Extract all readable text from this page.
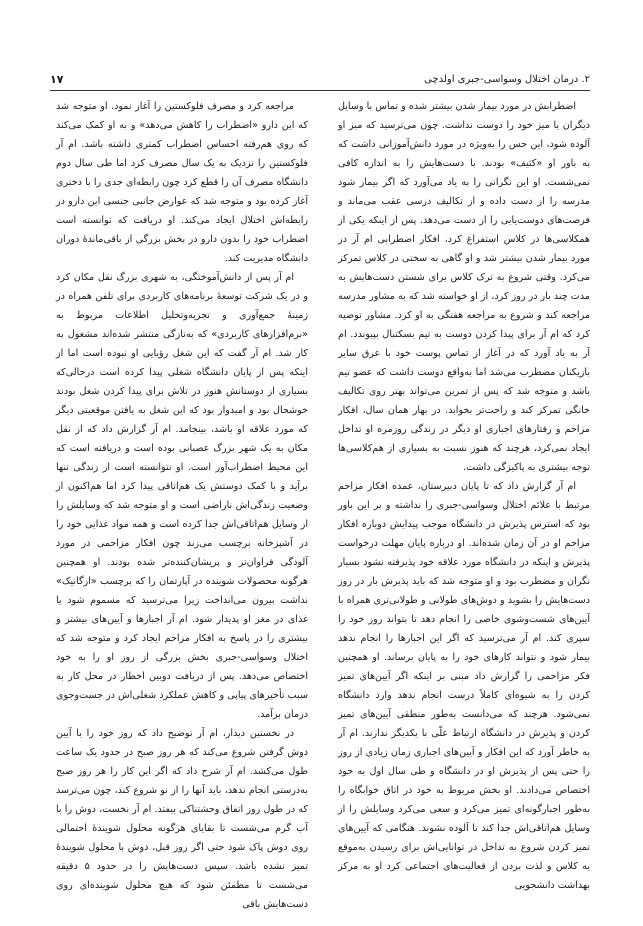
۲. درمان اختلال وسواسی-جبری اولدچی
۱۷

اضطرابش در مورد بیمار شدن بیشتر شده و تماس با وسایل دیگران یا میز خود را دوست نداشت. چون می‌ترسید که میز او آلوده شود، این حس را به‌ویژه در مورد دانش‌آموزانی داشت که به باور او «کثیف» بودند. با دست‌هایش را به اندازه کافی نمی‌شست. او این نگرانی را به یاد می‌آورد که اگر بیمار شود مدرسه را از دست داده و از تکالیف درسی عقب می‌ماند و فرصت‌های دوست‌یابی را از دست می‌دهد. پس از اینکه یکی از همکلاسی‌ها در کلاس استفراغ کرد، افکار اضطرابی ام آر در مورد بیمار شدن بیشتر شد و او گاهی به سختی در کلاس تمرکز می‌کرد. وقتی شروع به ترک کلاس برای شستن دست‌هایش به مدت چند بار در روز کرد، از او خواسته شد که به مشاور مدرسه مراجعه کند و شروع به مراجعه هفتگی به او کرد. مشاور توصیه کرد که ام آر برای پیدا کردن دوست به تیم بسکتبال بپیوندد. ام آر به یاد آورد که در آغاز از تماس پوست خود با عرق سایر بازیکنان مضطرب می‌شد اما به‌واقع دوست داشت که عضو تیم باشد و متوجه شد که پس از تمرین می‌تواند بهتر روی تکالیف خانگی تمرکز کند و راحت‌تر بخوابد. در بهار همان سال، افکار مزاحم و رفتارهای اجباری او دیگر در زندگی روزمره او تداخل ایجاد نمی‌کرد، هرچند که هنوز نسبت به بسیاری از هم‌کلاسی‌ها توجه بیشتری به پاکیزگی داشت.

ام آر گزارش داد که تا پایان دبیرستان، عمده افکار مزاحم مرتبط با علائم اختلال وسواسی-جبری را نداشته و بر این باور بود که استرس پذیرش در دانشگاه موجب پیدایش دوباره افکار مزاحم او در آن زمان شده‌اند. او درباره پایان مهلت درخواست پذیرش و اینکه در دانشگاه مورد علاقه خود پذیرفته نشود بسیار نگران و مضطرب بود و او متوجه شد که باید پذیرش بار در روز دست‌هایش را بشوید و دوش‌های طولانی و طولانی‌تری همراه با آیین‌های شست‌وشوی خاصی را انجام دهد تا بتواند روز خود را سپری کند. ام آر می‌ترسید که اگر این اجبارها را انجام ندهد بیمار شود و نتواند کارهای خود را به پایان برساند. او همچنین فکر مزاحمی را گزارش داد مبنی بر اینکه اگر آیین‌های تمیز کردن را به شیوه‌ای کاملاً درست انجام ندهد وارد دانشگاه نمی‌شود. هرچند که می‌دانست به‌طور منطقی آیین‌های تمیز کردن و پذیرش در دانشگاه ارتباط علّی با یکدیگر ندارند. ام آر به خاطر آورد که این افکار و آیین‌های اجباری زمان زیادی از روز را حتی پس از پذیرش او در دانشگاه و طی سال اول به خود اختصاص می‌دادند. او بخش مربوط به خود در اتاق خوابگاه را به‌طور اجبارگونه‌ای تمیز می‌کرد و سعی می‌کرد وسایلش را از وسایل هم‌اتاقی‌اش جدا کند تا آلوده نشوند. هنگامی که آیین‌های تمیز کردن شروع به تداخل در توانایی‌اش برای رسیدن به‌موقع به کلاس و لذت بردن از فعالیت‌های اجتماعی کرد او به مرکز بهداشت دانشجویی

مراجعه کرد و مصرف فلوکستین را آغاز نمود. او متوجه شد که این دارو «اضطراب را کاهش می‌دهد» و به او کمک می‌کند که روی هم‌رفته احساس اضطراب کمتری داشته باشد. ام آر فلوکستین را نزدیک به یک سال مصرف کرد اما طی سال دوم دانشگاه مصرف آن را قطع کرد چون رابطه‌ای جدی را با دختری آغاز کرده بود و متوجه شد که عوارض جانبی جنسی این دارو در رابطه‌اش اختلال ایجاد می‌کند. او دریافت که توانسته است اضطراب خود را بدون دارو در بخش بزرگی از باقی‌ماندهٔ دوران دانشگاه مدیریت کند.

ام آر پس از دانش‌آموختگی، به شهری بزرگ نقل مکان کرد و در یک شرکت توسعهٔ برنامه‌های کاربردی برای تلفن همراه در زمینهٔ جمع‌آوری و تجزیه‌وتحلیل اطلاعات مربوط به «نرم‌افزارهای کاربردی» که به‌تازگی منتشر شده‌اند مشغول به کار شد. ام آر گفت که این شغل رؤیایی او نبوده است اما از اینکه پس از پایان دانشگاه شغلی پیدا کرده است درحالی‌که بسیاری از دوستانش هنوز در تلاش برای پیدا کردن شغل بودند خوشحال بود و امیدوار بود که این شغل به یافتن موقعیتی دیگر که مورد علاقه او باشد، بینجامد. ام آر گزارش داد که از نقل مکان به یک شهر بزرگ عصبانی بوده است و دریافته است که این محیط اضطراب‌آور است. او نتوانسته است از زندگی تنها برآید و با کمک دوستش یک هم‌اتاقی پیدا کرد اما هم‌اکنون از وضعیت زندگی‌اش ناراضی است و او متوجه شد که وسایلش را از وسایل هم‌اتاقی‌اش جدا کرده است و همه مواد غذایی خود را در آشپزخانه برچسب می‌زند چون افکار مزاحمی در مورد آلودگی فراوان‌تر و پریشان‌کننده‌تر شده بودند. او همچنین هرگونه محصولات شوینده در آپارتمان را که برچسب «ارگانیک» نداشت بیرون می‌انداخت زیرا می‌ترسید که مسموم شود یا غذای در مغز او پدیدار شود. ام آر اجبارها و آیین‌های بیشتر و بیشتری را در پاسخ به افکار مزاحم ایجاد کرد و متوجه شد که اختلال وسواسی-جبری بخش بزرگی از روز او را به خود اختصاص می‌دهد. پس از دریافت دوبین اخطار در محل کار به سبب تأخیرهای پیاپی و کاهش عملکرد شغلی‌اش در جست‌وجوی درمان برآمد.

در نخستین دیدار، ام آر توضیح داد که روز خود را با آیین دوش گرفتن شروع می‌کند که هر روز صبح در حدود یک ساعت طول می‌کشد. ام آر شرح داد که اگر این کار را هر روز صبح به‌درستی انجام ندهد، باید آنها را از نو شروع کند، چون می‌ترسد که در طول روز اتفاق وحشتناکی بیفتد. ام آر نخست، دوش را با آب گرم می‌شست تا بقایای هرگونه محلول شویندهٔ احتمالی روی دوش پاک شود حتی اگر روز قبل، دوش با محلول شویندهٔ تمیز نشده باشد. سپس دست‌هایش را در حدود ۵ دقیقه می‌شست تا مطمئن شود که هیچ محلول شوینده‌ای روی دست‌هایش باقی
